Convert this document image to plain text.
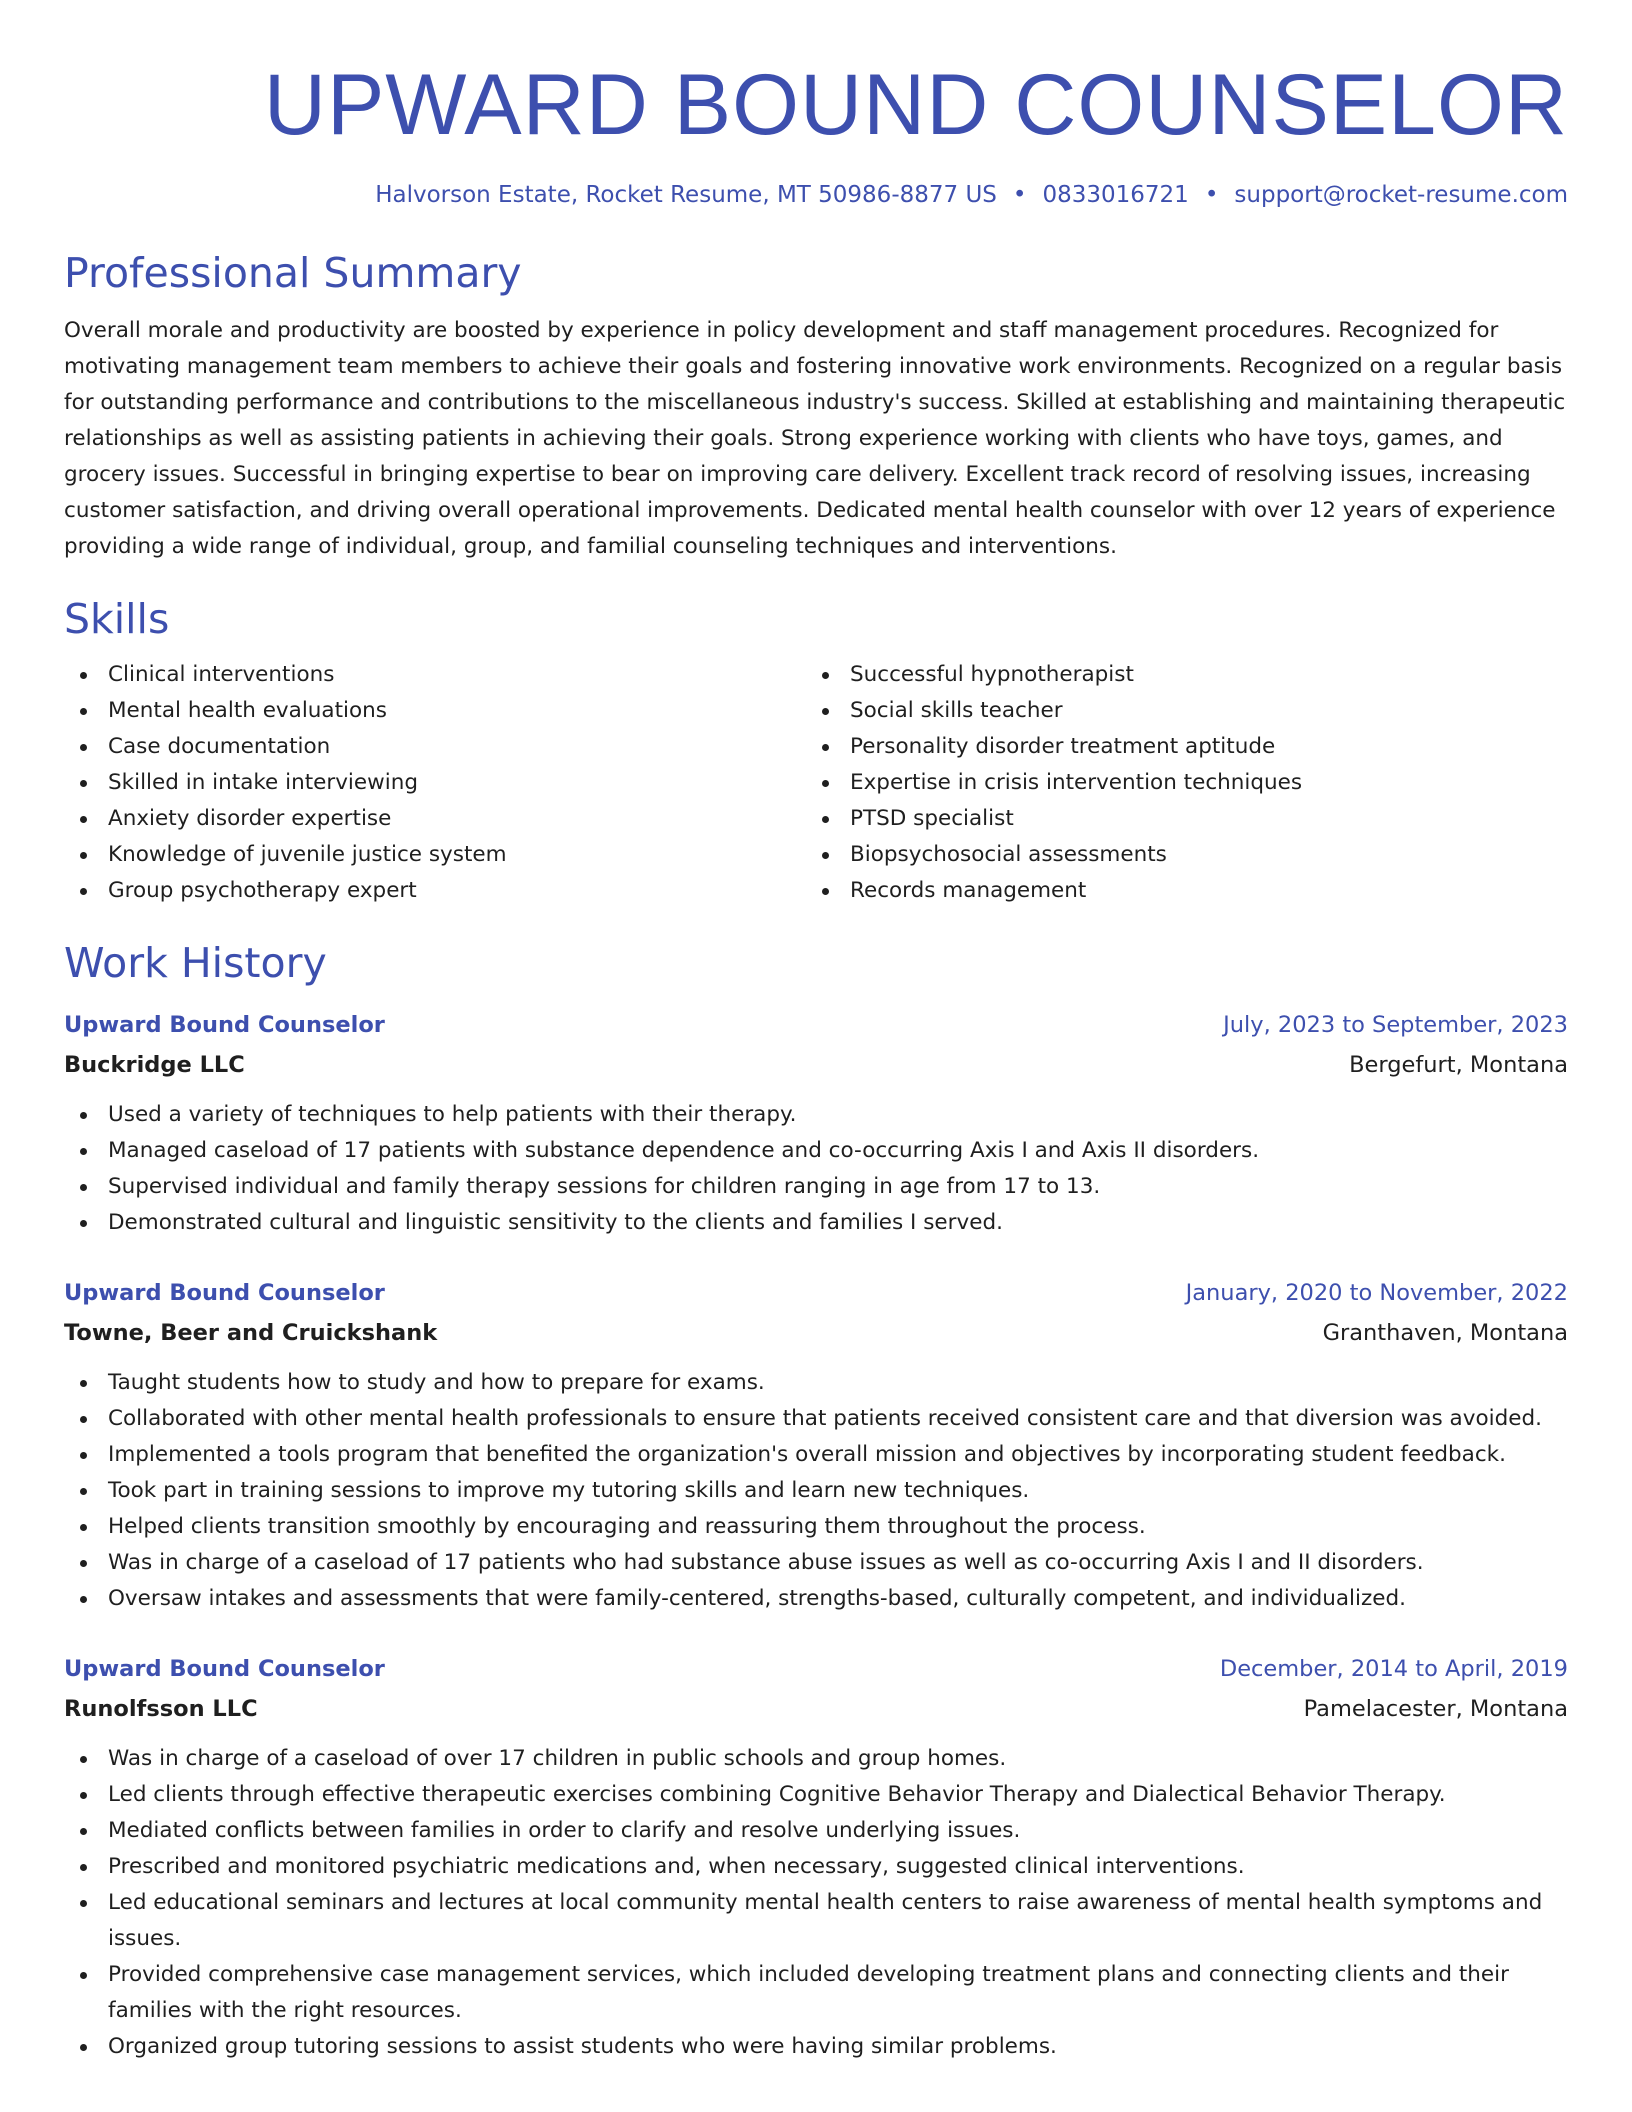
UPWARD BOUND COUNSELOR
Halvorson Estate, Rocket Resume, MT 50986-8877 US • 0833016721 • support@rocket-resume.com
Professional Summary
Overall morale and productivity are boosted by experience in policy development and staff management procedures. Recognized for motivating management team members to achieve their goals and fostering innovative work environments. Recognized on a regular basis for outstanding performance and contributions to the miscellaneous industry's success. Skilled at establishing and maintaining therapeutic relationships as well as assisting patients in achieving their goals. Strong experience working with clients who have toys, games, and grocery issues. Successful in bringing expertise to bear on improving care delivery. Excellent track record of resolving issues, increasing customer satisfaction, and driving overall operational improvements. Dedicated mental health counselor with over 12 years of experience providing a wide range of individual, group, and familial counseling techniques and interventions.
Skills
Clinical interventions
Mental health evaluations
Case documentation
Skilled in intake interviewing
Anxiety disorder expertise
Knowledge of juvenile justice system
Group psychotherapy expert
Successful hypnotherapist
Social skills teacher
Personality disorder treatment aptitude
Expertise in crisis intervention techniques
PTSD specialist
Biopsychosocial assessments
Records management
Work History
Upward Bound Counselor	July, 2023 to September, 2023
Buckridge LLC	Bergefurt, Montana
Used a variety of techniques to help patients with their therapy.
Managed caseload of 17 patients with substance dependence and co-occurring Axis I and Axis II disorders.
Supervised individual and family therapy sessions for children ranging in age from 17 to 13.
Demonstrated cultural and linguistic sensitivity to the clients and families I served.
Upward Bound Counselor	January, 2020 to November, 2022
Towne, Beer and Cruickshank	Granthaven, Montana
Taught students how to study and how to prepare for exams.
Collaborated with other mental health professionals to ensure that patients received consistent care and that diversion was avoided.
Implemented a tools program that benefited the organization's overall mission and objectives by incorporating student feedback.
Took part in training sessions to improve my tutoring skills and learn new techniques.
Helped clients transition smoothly by encouraging and reassuring them throughout the process.
Was in charge of a caseload of 17 patients who had substance abuse issues as well as co-occurring Axis I and II disorders.
Oversaw intakes and assessments that were family-centered, strengths-based, culturally competent, and individualized.
Upward Bound Counselor	December, 2014 to April, 2019
Runolfsson LLC	Pamelacester, Montana
Was in charge of a caseload of over 17 children in public schools and group homes.
Led clients through effective therapeutic exercises combining Cognitive Behavior Therapy and Dialectical Behavior Therapy.
Mediated conflicts between families in order to clarify and resolve underlying issues.
Prescribed and monitored psychiatric medications and, when necessary, suggested clinical interventions.
Led educational seminars and lectures at local community mental health centers to raise awareness of mental health symptoms and issues.
Provided comprehensive case management services, which included developing treatment plans and connecting clients and their families with the right resources.
Organized group tutoring sessions to assist students who were having similar problems.
